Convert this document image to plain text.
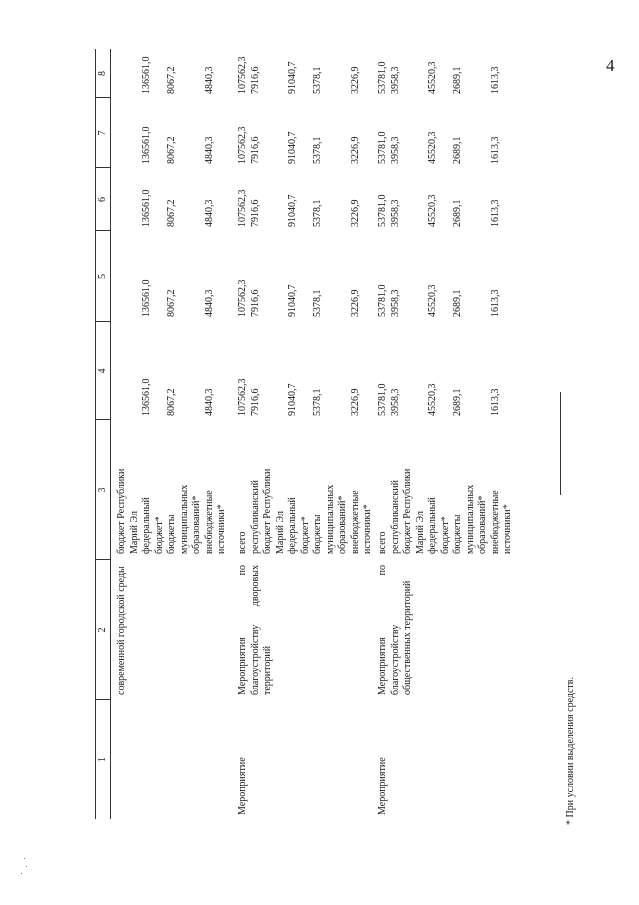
4
1
2
3
4
5
6
7
8
современной городской среды
бюджет Республики
Марий Эл
федеральный
бюджет*
бюджеты
муниципальных
образований*
внебюджетные
источники*
136561,0
136561,0
136561,0
136561,0
136561,0
8067,2
8067,2
8067,2
8067,2
8067,2
4840,3
4840,3
4840,3
4840,3
4840,3
Мероприятие
Мероприятия
по
благоустройству
дворовых
территорий
всего
республиканский
бюджет Республики
Марий Эл
федеральный
бюджет*
бюджеты
муниципальных
образований*
внебюджетные
источники*
107562,3
107562,3
107562,3
107562,3
107562,3
7916,6
7916,6
7916,6
7916,6
7916,6
91040,7
91040,7
91040,7
91040,7
91040,7
5378,1
5378,1
5378,1
5378,1
5378,1
3226,9
3226,9
3226,9
3226,9
3226,9
Мероприятие
Мероприятия
по
благоустройству общественных территорий
всего
республиканский
бюджет Республики
Марий Эл
федеральный
бюджет*
бюджеты
муниципальных
образований*
внебюджетные
источники*
53781,0
53781,0
53781,0
53781,0
53781,0
3958,3
3958,3
3958,3
3958,3
3958,3
45520,3
45520,3
45520,3
45520,3
45520,3
2689,1
2689,1
2689,1
2689,1
2689,1
1613,3
1613,3
1613,3
1613,3
1613,3
* При условии выделения средств.
